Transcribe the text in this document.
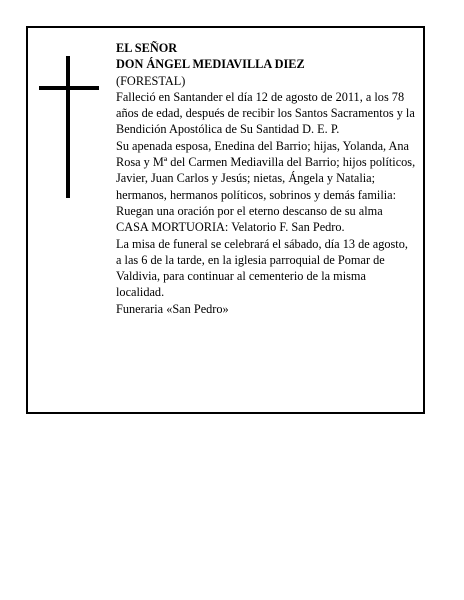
EL SEÑOR
DON ÁNGEL MEDIAVILLA DIEZ
(FORESTAL)
Falleció en Santander el día 12 de agosto de 2011, a los 78 años de edad, después de recibir los Santos Sacramentos y la Bendición Apostólica de Su Santidad D. E. P.
Su apenada esposa, Enedina del Barrio; hijas, Yolanda, Ana Rosa y Mª del Carmen Mediavilla del Barrio; hijos políticos, Javier, Juan Carlos y Jesús; nietas, Ángela y Natalia; hermanos, hermanos políticos, sobrinos y demás familia:
Ruegan una oración por el eterno descanso de su alma
CASA MORTUORIA: Velatorio F. San Pedro.
La misa de funeral se celebrará el sábado, día 13 de agosto, a las 6 de la tarde, en la iglesia parroquial de Pomar de Valdivia, para continuar al cementerio de la misma localidad.
Funeraria «San Pedro»
